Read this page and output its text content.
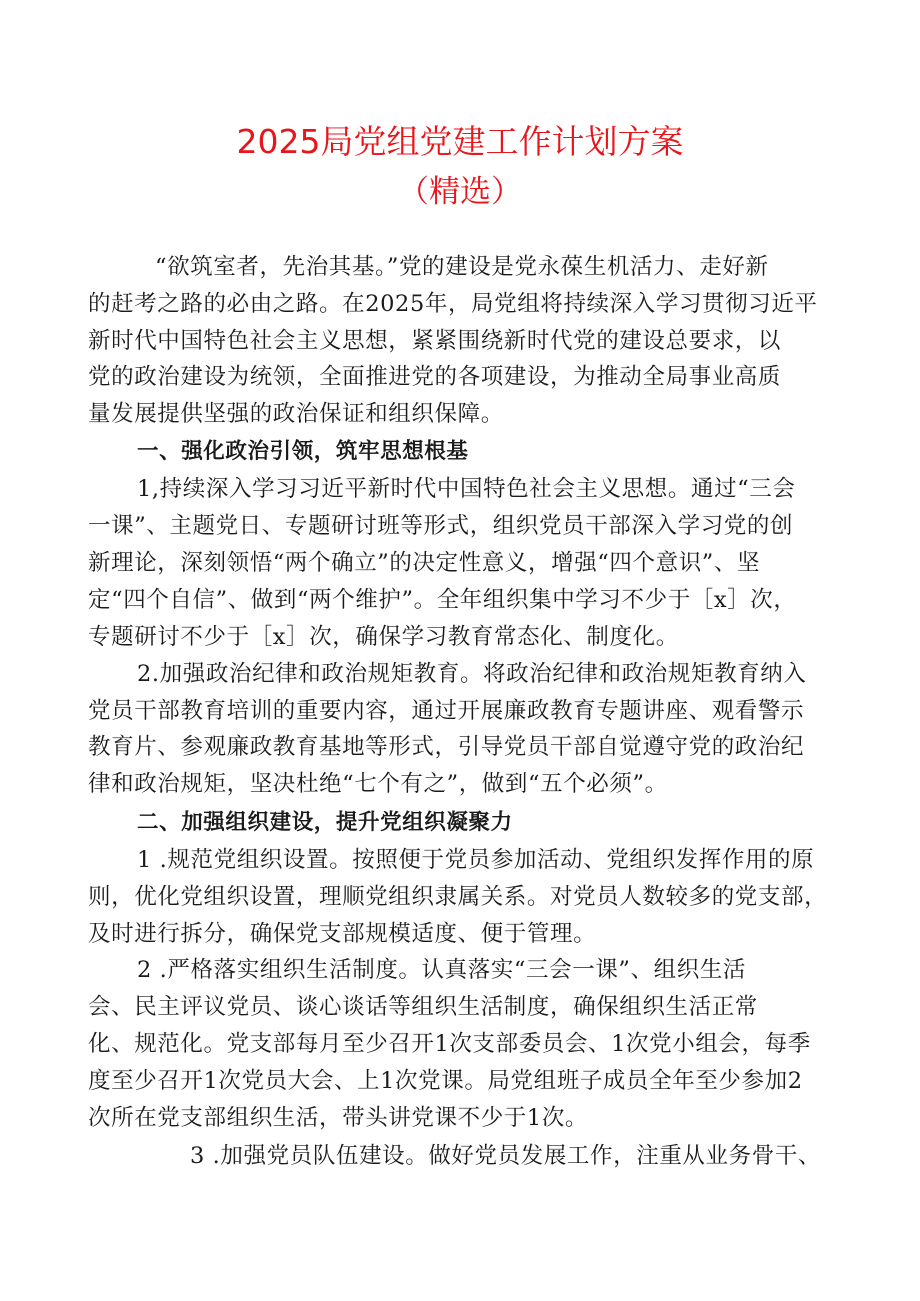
2025局党组党建工作计划方案
（精选）
“欲筑室者，先治其基。”党的建设是党永葆生机活力、走好新
的赶考之路的必由之路。在2025年，局党组将持续深入学习贯彻习近平
新时代中国特色社会主义思想，紧紧围绕新时代党的建设总要求，以
党的政治建设为统领，全面推进党的各项建设，为推动全局事业高质
量发展提供坚强的政治保证和组织保障。
一、强化政治引领，筑牢思想根基
1,持续深入学习习近平新时代中国特色社会主义思想。通过“三会
一课”、主题党日、专题研讨班等形式，组织党员干部深入学习党的创
新理论，深刻领悟“两个确立”的决定性意义，增强“四个意识”、坚
定“四个自信”、做到“两个维护”。全年组织集中学习不少于［x］次，
专题研讨不少于［x］次，确保学习教育常态化、制度化。
2.加强政治纪律和政治规矩教育。将政治纪律和政治规矩教育纳入
党员干部教育培训的重要内容，通过开展廉政教育专题讲座、观看警示
教育片、参观廉政教育基地等形式，引导党员干部自觉遵守党的政治纪
律和政治规矩，坚决杜绝“七个有之”，做到“五个必须”。
二、加强组织建设，提升党组织凝聚力
1 .规范党组织设置。按照便于党员参加活动、党组织发挥作用的原
则，优化党组织设置，理顺党组织隶属关系。对党员人数较多的党支部，
及时进行拆分，确保党支部规模适度、便于管理。
2 .严格落实组织生活制度。认真落实“三会一课”、组织生活
会、民主评议党员、谈心谈话等组织生活制度，确保组织生活正常
化、规范化。党支部每月至少召开1次支部委员会、1次党小组会，每季
度至少召开1次党员大会、上1次党课。局党组班子成员全年至少参加2
次所在党支部组织生活，带头讲党课不少于1次。
3 .加强党员队伍建设。做好党员发展工作，注重从业务骨干、
